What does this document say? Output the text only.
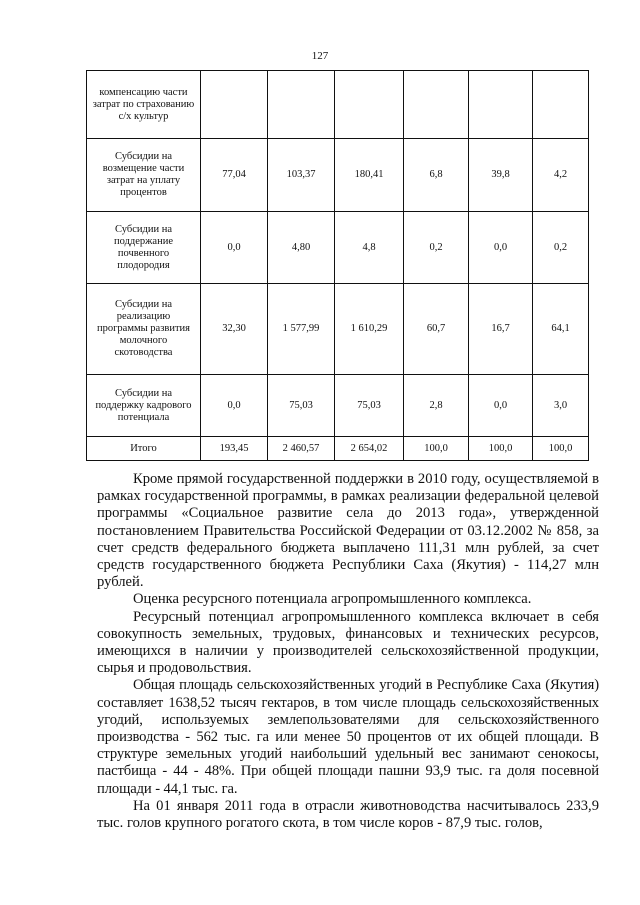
127
компенсацию части затрат по страхованию с/х культур						
Субсидии на возмещение части затрат на уплату процентов	77,04	103,37	180,41	6,8	39,8	4,2
Субсидии на поддержание почвенного плодородия	0,0	4,80	4,8	0,2	0,0	0,2
Субсидии на реализацию программы развития молочного скотоводства	32,30	1 577,99	1 610,29	60,7	16,7	64,1
Субсидии на поддержку кадрового потенциала	0,0	75,03	75,03	2,8	0,0	3,0
Итого	193,45	2 460,57	2 654,02	100,0	100,0	100,0

Кроме прямой государственной поддержки в 2010 году, осуществляемой в рамках государственной программы, в рамках реализации федеральной целевой программы «Социальное развитие села до 2013 года», утвержденной постановлением Правительства Российской Федерации от 03.12.2002 № 858, за счет средств федерального бюджета выплачено 111,31 млн рублей, за счет средств государственного бюджета Республики Саха (Якутия) - 114,27 млн рублей.

Оценка ресурсного потенциала агропромышленного комплекса.

Ресурсный потенциал агропромышленного комплекса включает в себя совокупность земельных, трудовых, финансовых и технических ресурсов, имеющихся в наличии у производителей сельскохозяйственной продукции, сырья и продовольствия.

Общая площадь сельскохозяйственных угодий в Республике Саха (Якутия) составляет 1638,52 тысяч гектаров, в том числе площадь сельскохозяйственных угодий, используемых землепользователями для сельскохозяйственного производства - 562 тыс. га или менее 50 процентов от их общей площади. В структуре земельных угодий наибольший удельный вес занимают сенокосы, пастбища - 44 - 48%. При общей площади пашни 93,9 тыс. га доля посевной площади - 44,1 тыс. га.

На 01 января 2011 года в отрасли животноводства насчитывалось 233,9 тыс. голов крупного рогатого скота, в том числе коров - 87,9 тыс. голов,
